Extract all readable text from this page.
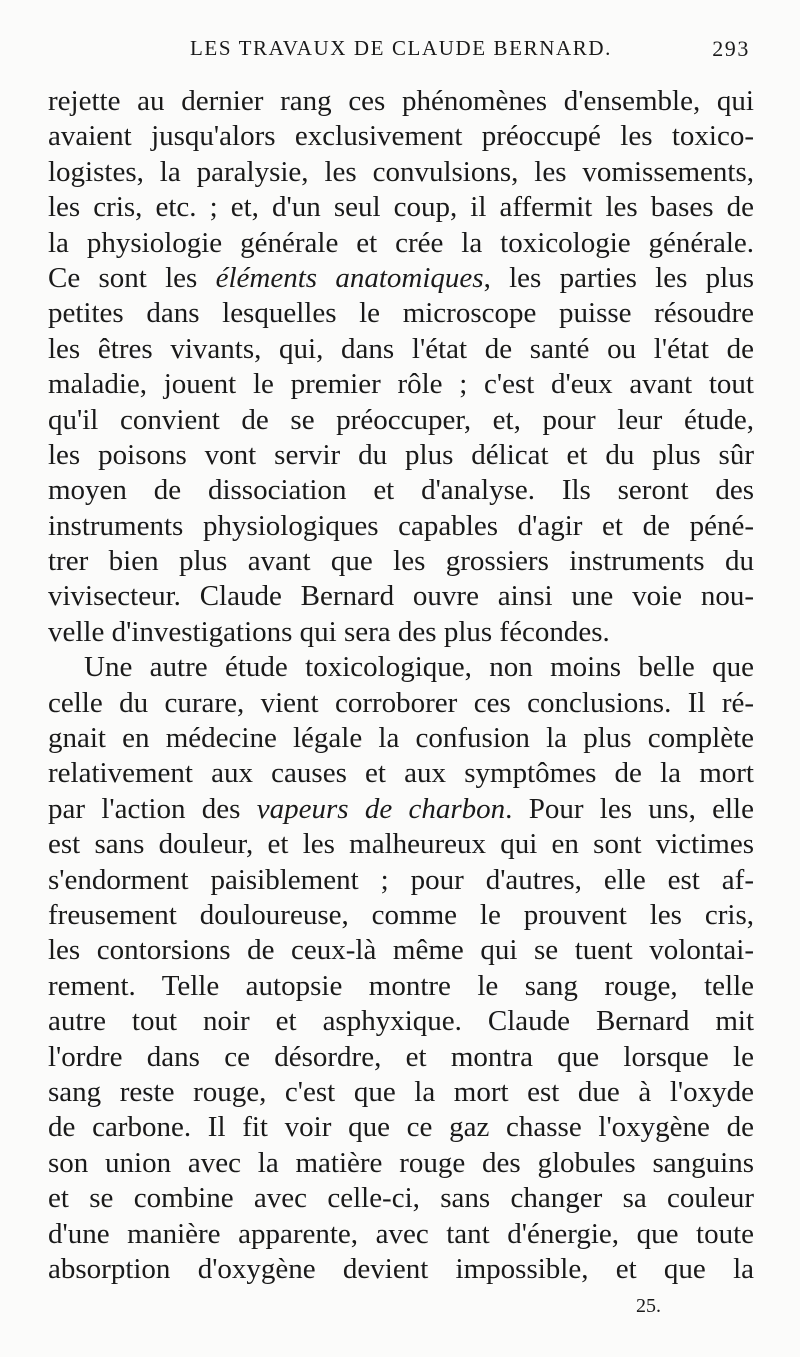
LES TRAVAUX DE CLAUDE BERNARD.	293
rejette au dernier rang ces phénomènes d'ensemble, qui
avaient jusqu'alors exclusivement préoccupé les toxico-
logistes, la paralysie, les convulsions, les vomissements,
les cris, etc. ; et, d'un seul coup, il affermit les bases de
la physiologie générale et crée la toxicologie générale.
Ce sont les éléments anatomiques, les parties les plus
petites dans lesquelles le microscope puisse résoudre
les êtres vivants, qui, dans l'état de santé ou l'état de
maladie, jouent le premier rôle ; c'est d'eux avant tout
qu'il convient de se préoccuper, et, pour leur étude,
les poisons vont servir du plus délicat et du plus sûr
moyen de dissociation et d'analyse. Ils seront des
instruments physiologiques capables d'agir et de péné-
trer bien plus avant que les grossiers instruments du
vivisecteur. Claude Bernard ouvre ainsi une voie nou-
velle d'investigations qui sera des plus fécondes.
Une autre étude toxicologique, non moins belle que
celle du curare, vient corroborer ces conclusions. Il ré-
gnait en médecine légale la confusion la plus complète
relativement aux causes et aux symptômes de la mort
par l'action des vapeurs de charbon. Pour les uns, elle
est sans douleur, et les malheureux qui en sont victimes
s'endorment paisiblement ; pour d'autres, elle est af-
freusement douloureuse, comme le prouvent les cris,
les contorsions de ceux-là même qui se tuent volontai-
rement. Telle autopsie montre le sang rouge, telle
autre tout noir et asphyxique. Claude Bernard mit
l'ordre dans ce désordre, et montra que lorsque le
sang reste rouge, c'est que la mort est due à l'oxyde
de carbone. Il fit voir que ce gaz chasse l'oxygène de
son union avec la matière rouge des globules sanguins
et se combine avec celle-ci, sans changer sa couleur
d'une manière apparente, avec tant d'énergie, que toute
absorption d'oxygène devient impossible, et que la
25.
